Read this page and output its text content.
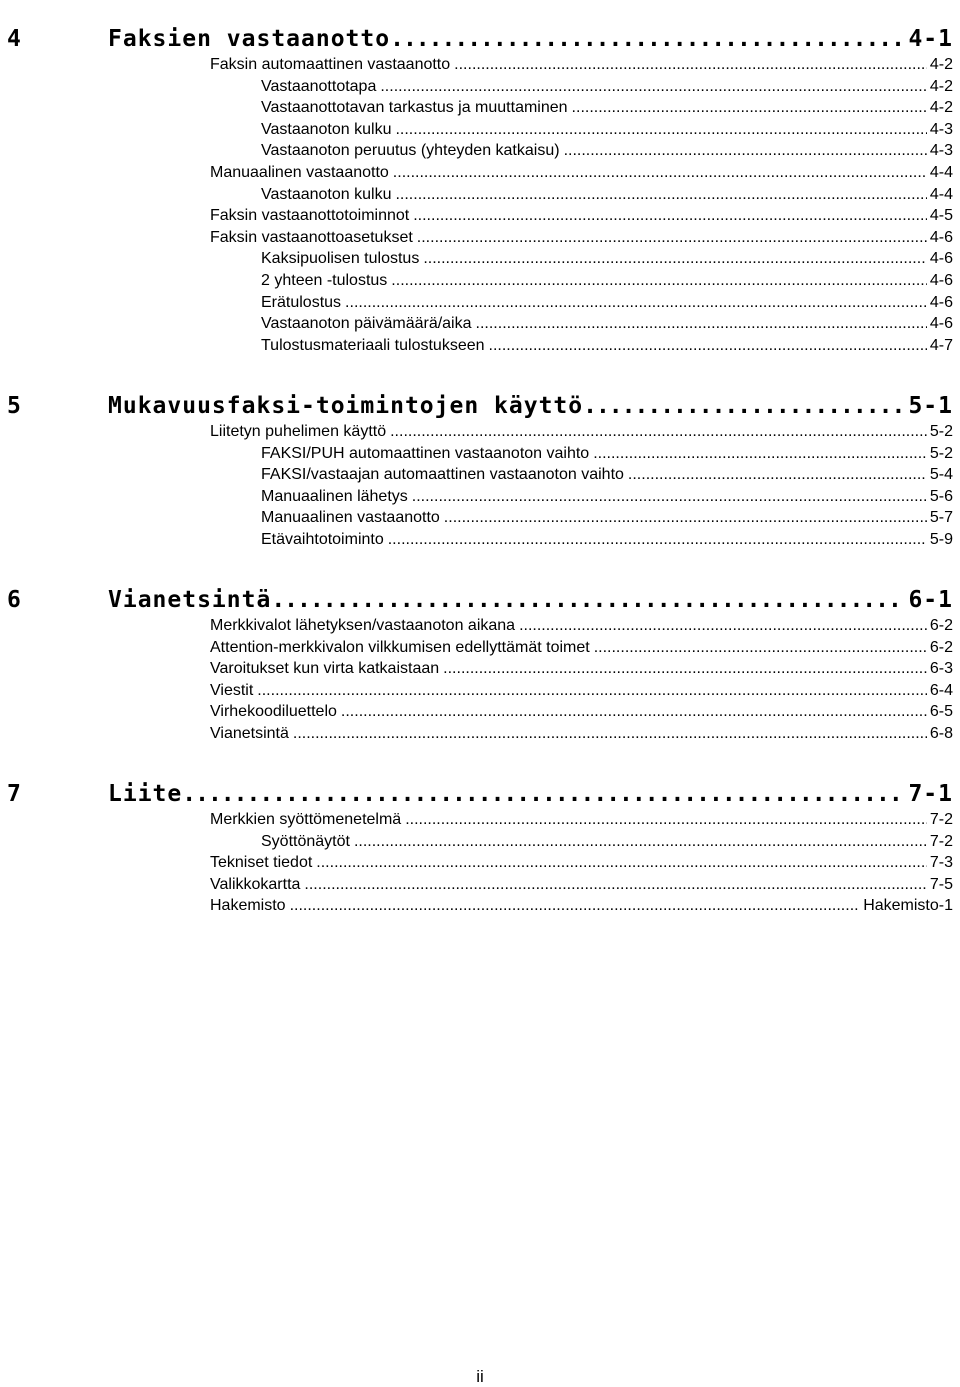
4	Faksien vastaanotto .....	4-1
Faksin automaattinen vastaanotto .....	4-2
Vastaanottotapa .....	4-2
Vastaanottotavan tarkastus ja muuttaminen .....	4-2
Vastaanoton kulku .....	4-3
Vastaanoton peruutus (yhteyden katkaisu) .....	4-3
Manuaalinen vastaanotto .....	4-4
Vastaanoton kulku .....	4-4
Faksin vastaanottotoiminnot .....	4-5
Faksin vastaanottoasetukset .....	4-6
Kaksipuolisen tulostus .....	4-6
2 yhteen -tulostus .....	4-6
Erätulostus .....	4-6
Vastaanoton päivämäärä/aika .....	4-6
Tulostusmateriaali tulostukseen .....	4-7
5	Mukavuusfaksi-toimintojen käyttö .....	5-1
Liitetyn puhelimen käyttö .....	5-2
FAKSI/PUH automaattinen vastaanoton vaihto .....	5-2
FAKSI/vastaajan automaattinen vastaanoton vaihto .....	5-4
Manuaalinen lähetys .....	5-6
Manuaalinen vastaanotto .....	5-7
Etävaihtotoiminto .....	5-9
6	Vianetsintä .....	6-1
Merkkivalot lähetyksen/vastaanoton aikana .....	6-2
Attention-merkkivalon vilkkumisen edellyttämät toimet .....	6-2
Varoitukset kun virta katkaistaan .....	6-3
Viestit .....	6-4
Virhekoodiluettelo .....	6-5
Vianetsintä .....	6-8
7	Liite .....	7-1
Merkkien syöttömenetelmä .....	7-2
Syöttönäytöt .....	7-2
Tekniset tiedot .....	7-3
Valikkokartta .....	7-5
Hakemisto .....	Hakemisto-1
ii
